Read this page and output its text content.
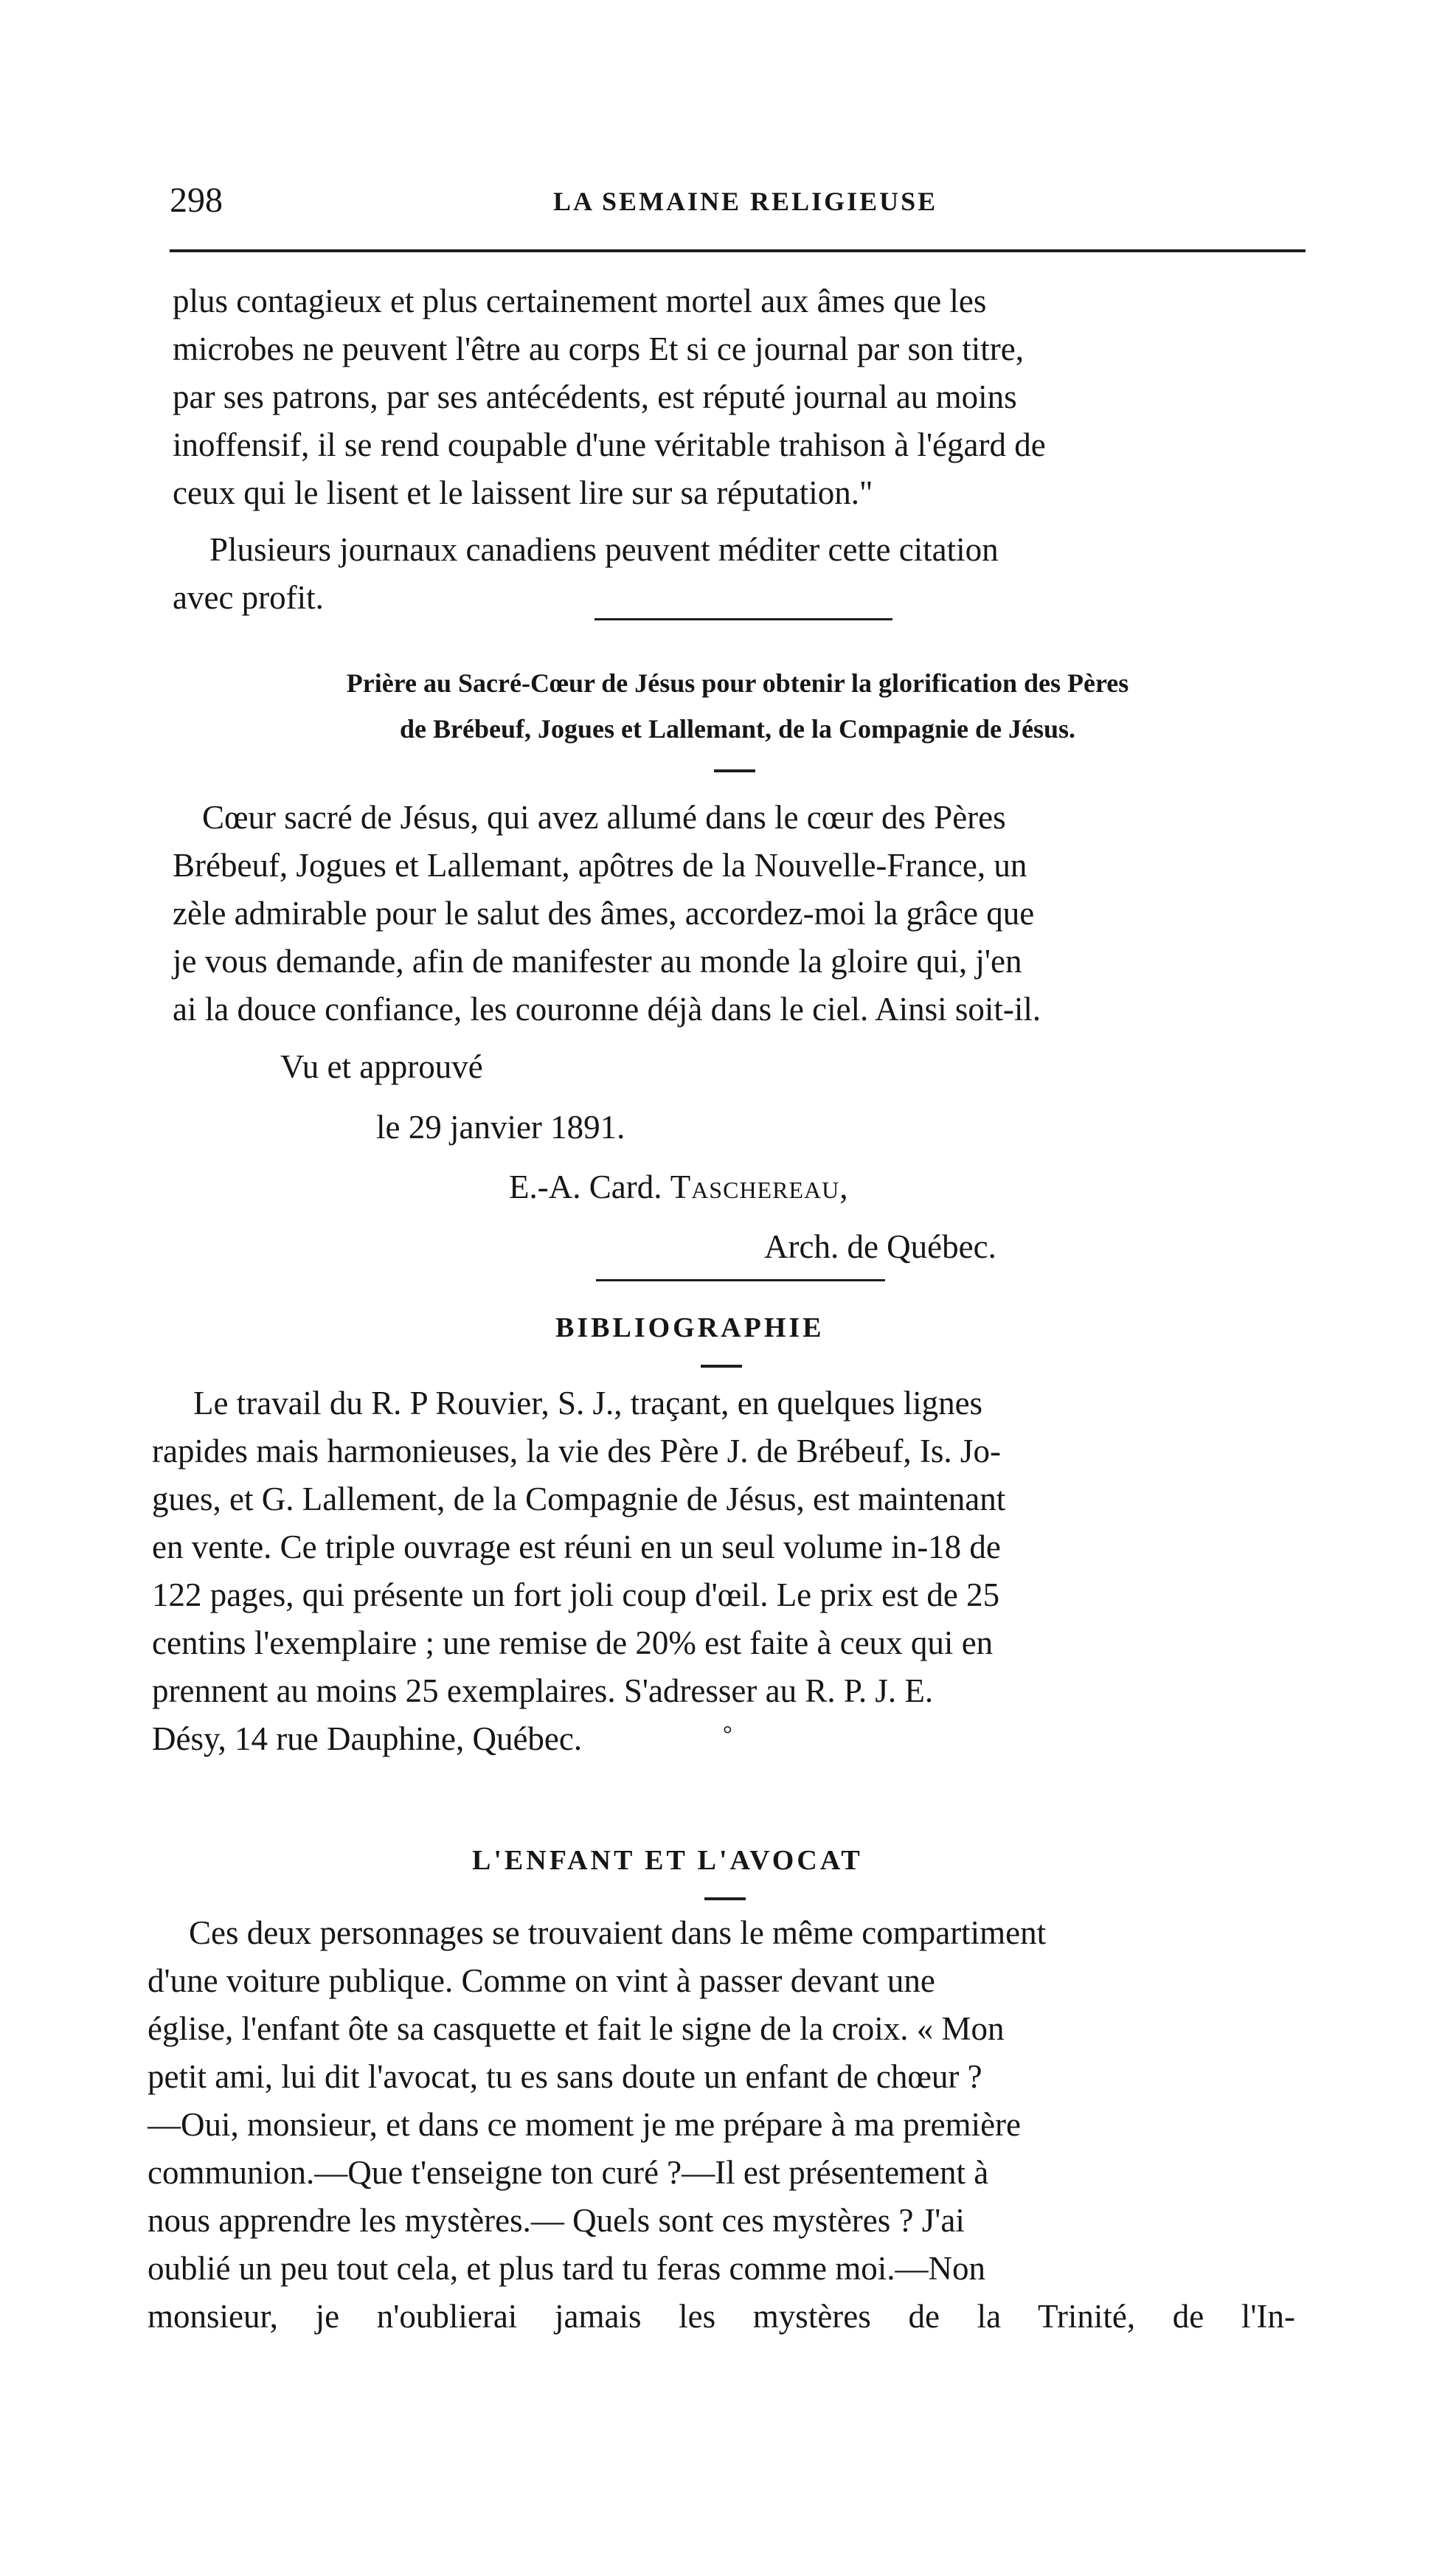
298	LA SEMAINE RELIGIEUSE
plus contagieux et plus certainement mortel aux âmes que les
microbes ne peuvent l'être au corps Et si ce journal par son titre,
par ses patrons, par ses antécédents, est réputé journal au moins
inoffensif, il se rend coupable d'une véritable trahison à l'égard de
ceux qui le lisent et le laissent lire sur sa réputation."
Plusieurs journaux canadiens peuvent méditer cette citation
avec profit.
Prière au Sacré-Cœur de Jésus pour obtenir la glorification des Pères
de Brébeuf, Jogues et Lallemant, de la Compagnie de Jésus.
Cœur sacré de Jésus, qui avez allumé dans le cœur des Pères
Brébeuf, Jogues et Lallemant, apôtres de la Nouvelle-France, un
zèle admirable pour le salut des âmes, accordez-moi la grâce que
je vous demande, afin de manifester au monde la gloire qui, j'en
ai la douce confiance, les couronne déjà dans le ciel. Ainsi soit-il.
Vu et approuvé
le 29 janvier 1891.
E.-A. Card. Taschereau,
Arch. de Québec.
BIBLIOGRAPHIE
Le travail du R. P Rouvier, S. J., traçant, en quelques lignes
rapides mais harmonieuses, la vie des Père J. de Brébeuf, Is. Jo-
gues, et G. Lallement, de la Compagnie de Jésus, est maintenant
en vente. Ce triple ouvrage est réuni en un seul volume in-18 de
122 pages, qui présente un fort joli coup d'œil. Le prix est de 25
centins l'exemplaire ; une remise de 20% est faite à ceux qui en
prennent au moins 25 exemplaires. S'adresser au R. P. J. E.
Désy, 14 rue Dauphine, Québec.	°
L'ENFANT ET L'AVOCAT
Ces deux personnages se trouvaient dans le même compartiment
d'une voiture publique. Comme on vint à passer devant une
église, l'enfant ôte sa casquette et fait le signe de la croix. « Mon
petit ami, lui dit l'avocat, tu es sans doute un enfant de chœur ?
—Oui, monsieur, et dans ce moment je me prépare à ma première
communion.—Que t'enseigne ton curé ?—Il est présentement à
nous apprendre les mystères.— Quels sont ces mystères ? J'ai
oublié un peu tout cela, et plus tard tu feras comme moi.—Non
monsieur, je n'oublierai jamais les mystères de la Trinité, de l'In-
